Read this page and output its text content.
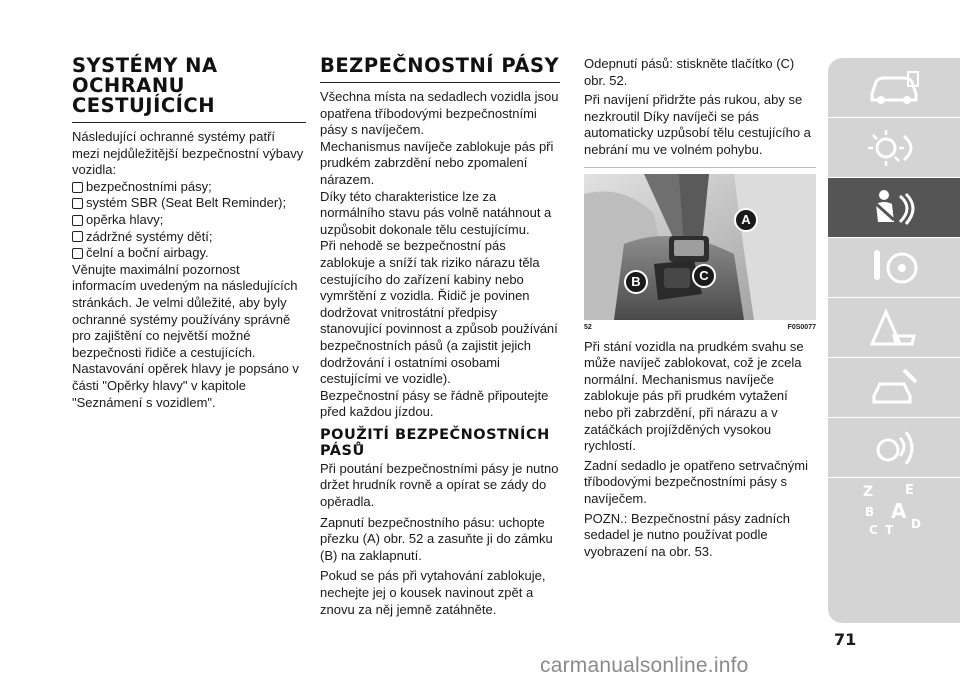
SYSTÉMY NA OCHRANU CESTUJÍCÍCH

Následující ochranné systémy patří mezi nejdůležitější bezpečnostní výbavy vozidla:

bezpečnostními pásy;
systém SBR (Seat Belt Reminder);
opěrka hlavy;
zádržné systémy dětí;
čelní a boční airbagy.

Věnujte maximální pozornost informacím uvedeným na následujících stránkách. Je velmi důležité, aby byly ochranné systémy používány správně pro zajištění co největší možné bezpečnosti řidiče a cestujících.

Nastavování opěrek hlavy je popsáno v části "Opěrky hlavy" v kapitole "Seznámení s vozidlem".

BEZPEČNOSTNÍ PÁSY

Všechna místa na sedadlech vozidla jsou opatřena tříbodovými bezpečnostními pásy s navíječem.

Mechanismus navíječe zablokuje pás při prudkém zabrzdění nebo zpomalení nárazem.

Díky této charakteristice lze za normálního stavu pás volně natáhnout a uzpůsobit dokonale tělu cestujícímu.

Při nehodě se bezpečnostní pás zablokuje a sníží tak riziko nárazu těla cestujícího do zařízení kabiny nebo vymrštění z vozidla. Řidič je povinen dodržovat vnitrostátní předpisy stanovující povinnost a způsob používání bezpečnostních pásů (a zajistit jejich dodržování i ostatními osobami cestujícími ve vozidle).

Bezpečnostní pásy se řádně připoutejte před každou jízdou.

POUŽITÍ BEZPEČNOSTNÍCH PÁSŮ

Při poutání bezpečnostními pásy je nutno držet hrudník rovně a opírat se zády do opěradla.

Zapnutí bezpečnostního pásu: uchopte přezku (A) obr. 52 a zasuňte ji do zámku (B) na zaklapnutí.

Pokud se pás při vytahování zablokuje, nechejte jej o kousek navinout zpět a znovu za něj jemně zatáhněte.

Odepnutí pásů: stiskněte tlačítko (C) obr. 52.

Při navíjení přidržte pás rukou, aby se nezkroutil Díky navíječi se pás automaticky uzpůsobí tělu cestujícího a nebrání mu ve volném pohybu.

A
B	C
52	F0S0077

Při stání vozidla na prudkém svahu se může navíječ zablokovat, což je zcela normální. Mechanismus navíječe zablokuje pás při prudkém vytažení nebo při zabrzdění, při nárazu a v zatáčkách projížděných vysokou rychlostí.

Zadní sedadlo je opatřeno setrvačnými tříbodovými bezpečnostními pásy s navíječem.

POZN.: Bezpečnostní pásy zadních sedadel je nutno používat podle vyobrazení na obr. 53.

Z E
B A
C T D
71
carmanualsonline.info
